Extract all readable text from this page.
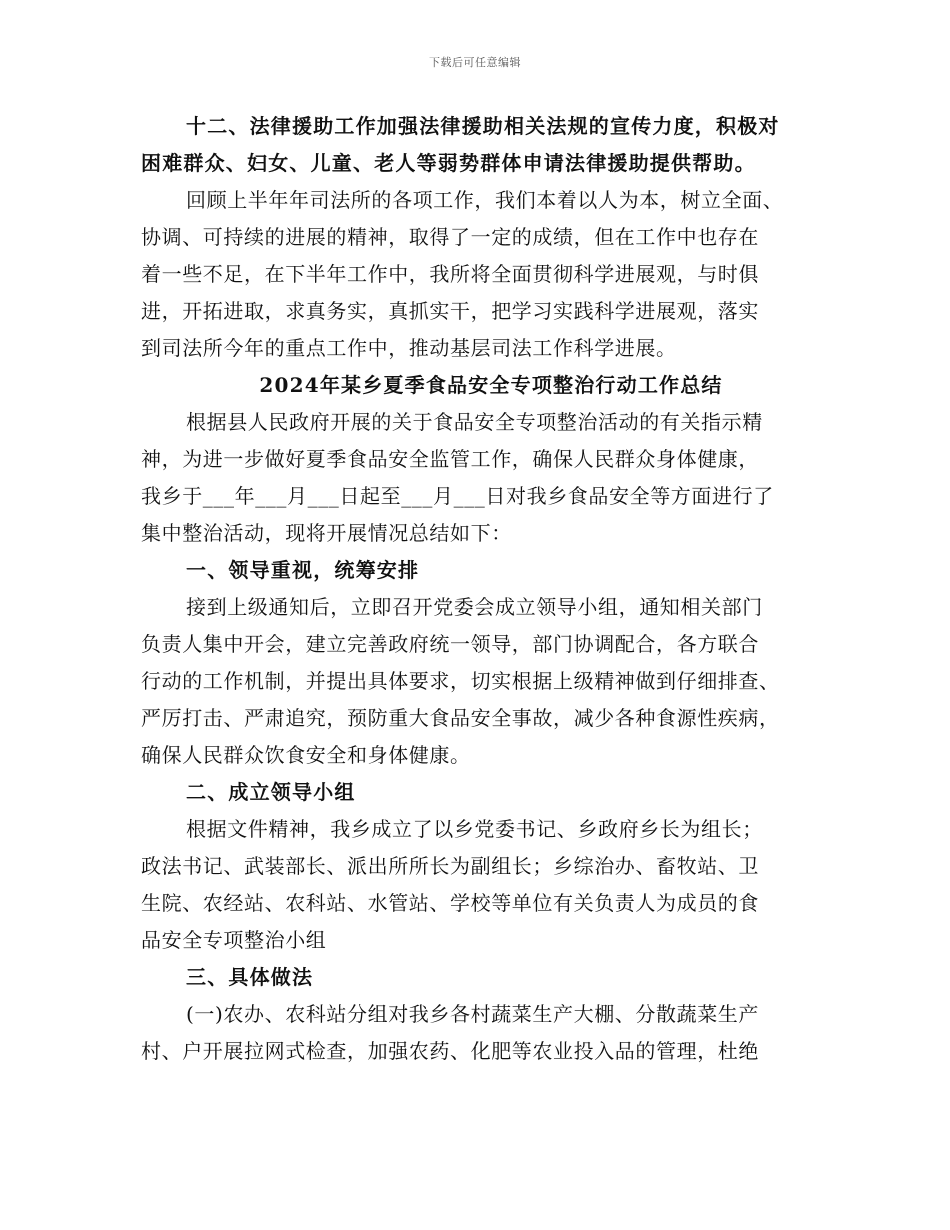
下载后可任意编辑
十二、法律援助工作加强法律援助相关法规的宣传力度，积极对
困难群众、妇女、儿童、老人等弱势群体申请法律援助提供帮助。
回顾上半年年司法所的各项工作，我们本着以人为本，树立全面、
协调、可持续的进展的精神，取得了一定的成绩，但在工作中也存在
着一些不足，在下半年工作中，我所将全面贯彻科学进展观，与时俱
进，开拓进取，求真务实，真抓实干，把学习实践科学进展观，落实
到司法所今年的重点工作中，推动基层司法工作科学进展。
2024年某乡夏季食品安全专项整治行动工作总结
根据县人民政府开展的关于食品安全专项整治活动的有关指示精
神，为进一步做好夏季食品安全监管工作，确保人民群众身体健康，
我乡于___年___月___日起至___月___日对我乡食品安全等方面进行了
集中整治活动，现将开展情况总结如下：
一、领导重视，统筹安排
接到上级通知后，立即召开党委会成立领导小组，通知相关部门
负责人集中开会，建立完善政府统一领导，部门协调配合，各方联合
行动的工作机制，并提出具体要求，切实根据上级精神做到仔细排查、
严厉打击、严肃追究，预防重大食品安全事故，减少各种食源性疾病，
确保人民群众饮食安全和身体健康。
二、成立领导小组
根据文件精神，我乡成立了以乡党委书记、乡政府乡长为组长；
政法书记、武装部长、派出所所长为副组长；乡综治办、畜牧站、卫
生院、农经站、农科站、水管站、学校等单位有关负责人为成员的食
品安全专项整治小组
三、具体做法
(一)农办、农科站分组对我乡各村蔬菜生产大棚、分散蔬菜生产
村、户开展拉网式检查，加强农药、化肥等农业投入品的管理，杜绝
